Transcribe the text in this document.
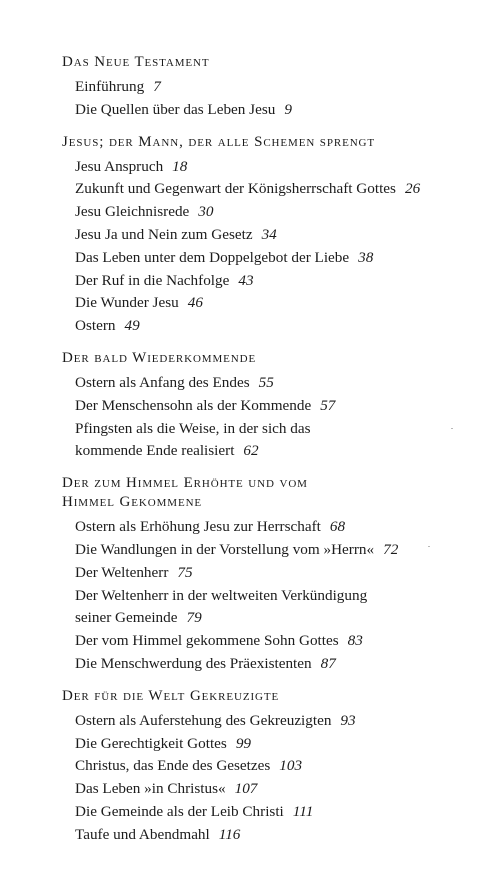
Das Neue Testament
Einführung 7
Die Quellen über das Leben Jesu 9
Jesus; der Mann, der alle Schemen sprengt
Jesu Anspruch 18
Zukunft und Gegenwart der Königsherrschaft Gottes 26
Jesu Gleichnisrede 30
Jesu Ja und Nein zum Gesetz 34
Das Leben unter dem Doppelgebot der Liebe 38
Der Ruf in die Nachfolge 43
Die Wunder Jesu 46
Ostern 49
Der bald Wiederkommende
Ostern als Anfang des Endes 55
Der Menschensohn als der Kommende 57
Pfingsten als die Weise, in der sich das
kommende Ende realisiert 62
Der zum Himmel Erhöhte und vom
Himmel Gekommene
Ostern als Erhöhung Jesu zur Herrschaft 68
Die Wandlungen in der Vorstellung vom »Herrn« 72
Der Weltenherr 75
Der Weltenherr in der weltweiten Verkündigung
seiner Gemeinde 79
Der vom Himmel gekommene Sohn Gottes 83
Die Menschwerdung des Präexistenten 87
Der für die Welt Gekreuzigte
Ostern als Auferstehung des Gekreuzigten 93
Die Gerechtigkeit Gottes 99
Christus, das Ende des Gesetzes 103
Das Leben »in Christus« 107
Die Gemeinde als der Leib Christi 111
Taufe und Abendmahl 116
